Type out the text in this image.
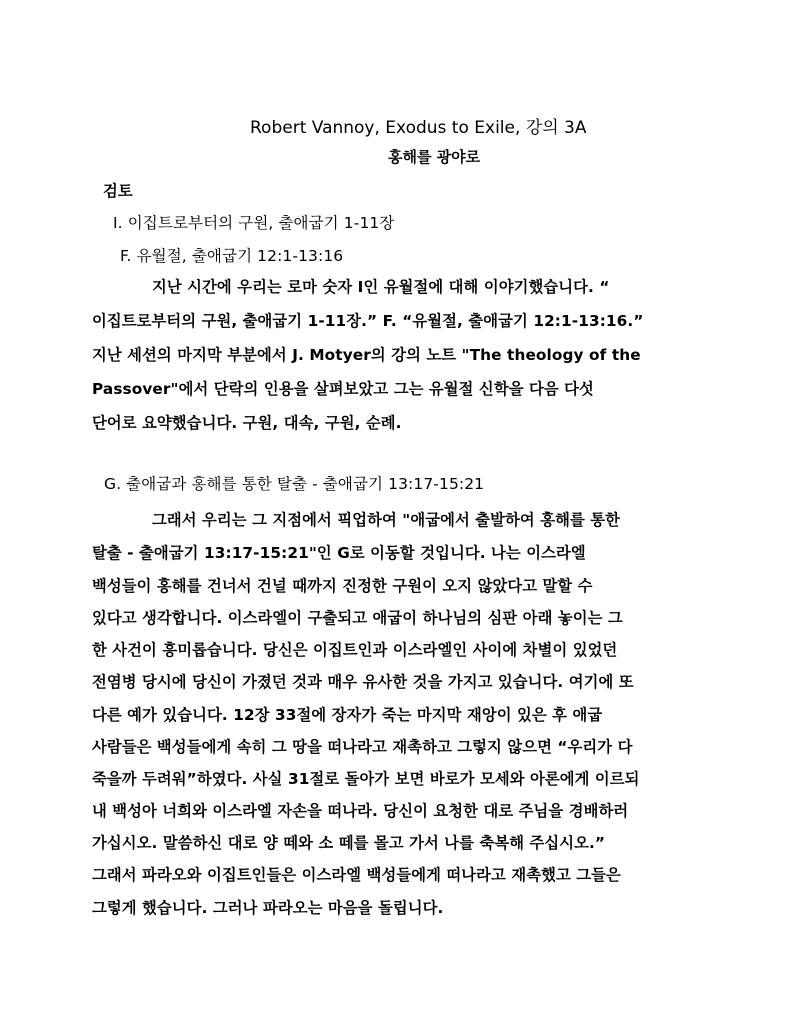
Robert Vannoy, Exodus to Exile, 강의 3A
홍해를 광야로
검토
I. 이집트로부터의 구원, 출애굽기 1-11장
F. 유월절, 출애굽기 12:1-13:16
지난 시간에 우리는 로마 숫자 I인 유월절에 대해 이야기했습니다. “
이집트로부터의 구원, 출애굽기 1-11장.” F. “유월절, 출애굽기 12:1-13:16.”
지난 세션의 마지막 부분에서 J. Motyer의 강의 노트 "The theology of the
Passover"에서 단락의 인용을 살펴보았고 그는 유월절 신학을 다음 다섯
단어로 요약했습니다. 구원, 대속, 구원, 순례.
G. 출애굽과 홍해를 통한 탈출 - 출애굽기 13:17-15:21
그래서 우리는 그 지점에서 픽업하여 "애굽에서 출발하여 홍해를 통한
탈출 - 출애굽기 13:17-15:21"인 G로 이동할 것입니다. 나는 이스라엘
백성들이 홍해를 건너서 건널 때까지 진정한 구원이 오지 않았다고 말할 수
있다고 생각합니다. 이스라엘이 구출되고 애굽이 하나님의 심판 아래 놓이는 그
한 사건이 흥미롭습니다. 당신은 이집트인과 이스라엘인 사이에 차별이 있었던
전염병 당시에 당신이 가졌던 것과 매우 유사한 것을 가지고 있습니다. 여기에 또
다른 예가 있습니다. 12장 33절에 장자가 죽는 마지막 재앙이 있은 후 애굽
사람들은 백성들에게 속히 그 땅을 떠나라고 재촉하고 그렇지 않으면 “우리가 다
죽을까 두려워”하였다. 사실 31절로 돌아가 보면 바로가 모세와 아론에게 이르되
내 백성아 너희와 이스라엘 자손을 떠나라. 당신이 요청한 대로 주님을 경배하러
가십시오. 말씀하신 대로 양 떼와 소 떼를 몰고 가서 나를 축복해 주십시오.”
그래서 파라오와 이집트인들은 이스라엘 백성들에게 떠나라고 재촉했고 그들은
그렇게 했습니다. 그러나 파라오는 마음을 돌립니다.
